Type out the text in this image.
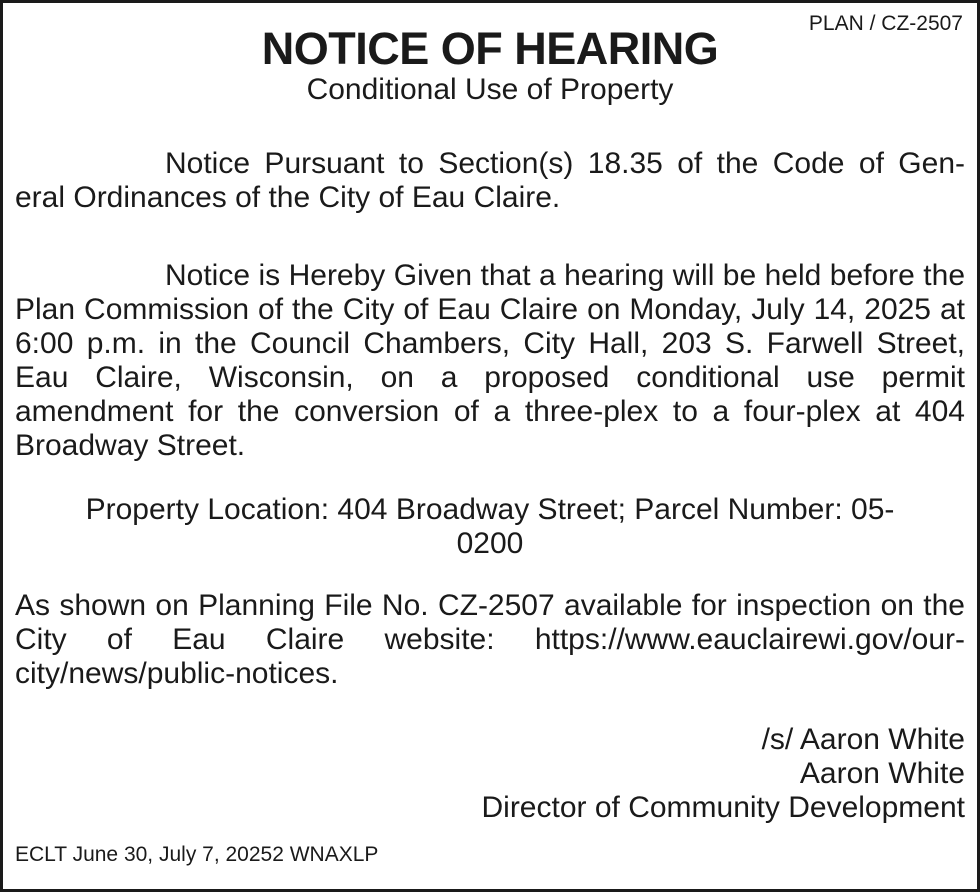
PLAN / CZ-2507
NOTICE OF HEARING
Conditional Use of Property
Notice Pursuant to Section(s) 18.35 of the Code of Gen-
eral Ordinances of the City of Eau Claire.

Notice is Hereby Given that a hearing will be held before the Plan Commission of the City of Eau Claire on Monday, July 14, 2025 at 6:00 p.m. in the Council Chambers, City Hall, 203 S. Farwell Street, Eau Claire, Wisconsin, on a proposed conditional use permit amendment for the conversion of a three-plex to a four-plex at 404 Broadway Street.

Property Location: 404 Broadway Street; Parcel Number: 05-
0200

As shown on Planning File No. CZ-2507 available for inspection on the City of Eau Claire website: https://www.eauclairewi.gov/our-city/news/public-notices.

/s/ Aaron White
Aaron White
Director of Community Development
ECLT June 30, July 7, 20252 WNAXLP
